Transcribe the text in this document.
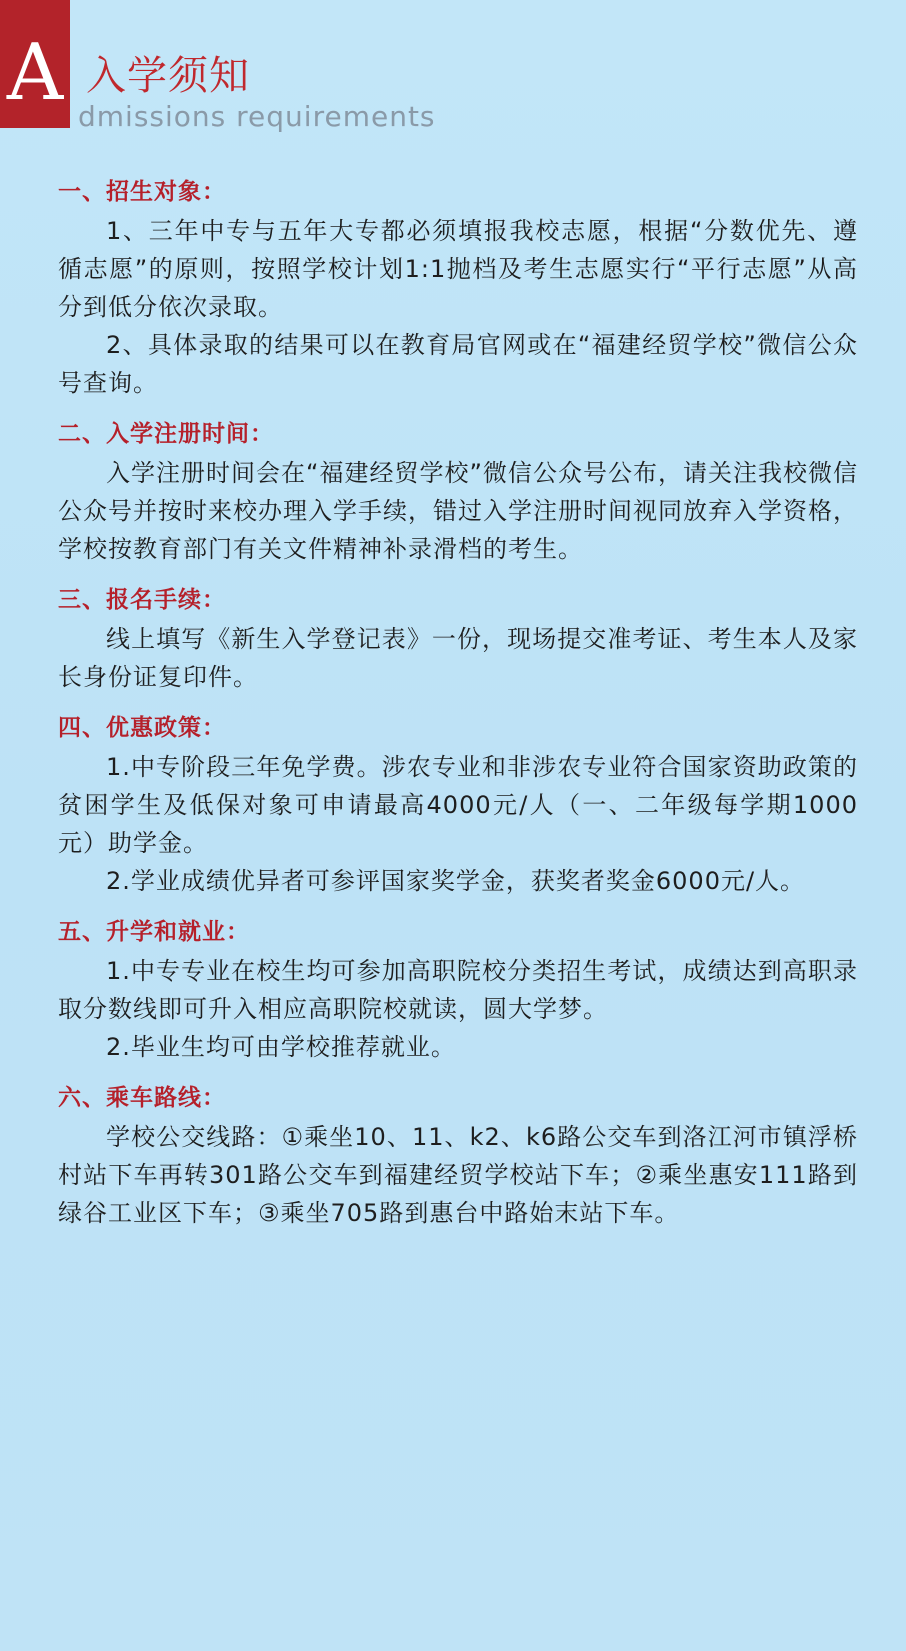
A 入学须知
dmissions requirements
一、招生对象：

1、三年中专与五年大专都必须填报我校志愿，根据“分数优先、遵循志愿”的原则，按照学校计划1:1抛档及考生志愿实行“平行志愿”从高分到低分依次录取。

2、具体录取的结果可以在教育局官网或在“福建经贸学校”微信公众号查询。

二、入学注册时间：

入学注册时间会在“福建经贸学校”微信公众号公布，请关注我校微信公众号并按时来校办理入学手续，错过入学注册时间视同放弃入学资格，学校按教育部门有关文件精神补录滑档的考生。

三、报名手续：

线上填写《新生入学登记表》一份，现场提交准考证、考生本人及家长身份证复印件。

四、优惠政策：

1.中专阶段三年免学费。涉农专业和非涉农专业符合国家资助政策的贫困学生及低保对象可申请最高4000元/人（一、二年级每学期1000元）助学金。

2.学业成绩优异者可参评国家奖学金，获奖者奖金6000元/人。

五、升学和就业：

1.中专专业在校生均可参加高职院校分类招生考试，成绩达到高职录取分数线即可升入相应高职院校就读，圆大学梦。

2.毕业生均可由学校推荐就业。

六、乘车路线：

学校公交线路：①乘坐10、11、k2、k6路公交车到洛江河市镇浮桥村站下车再转301路公交车到福建经贸学校站下车；②乘坐惠安111路到绿谷工业区下车；③乘坐705路到惠台中路始末站下车。
